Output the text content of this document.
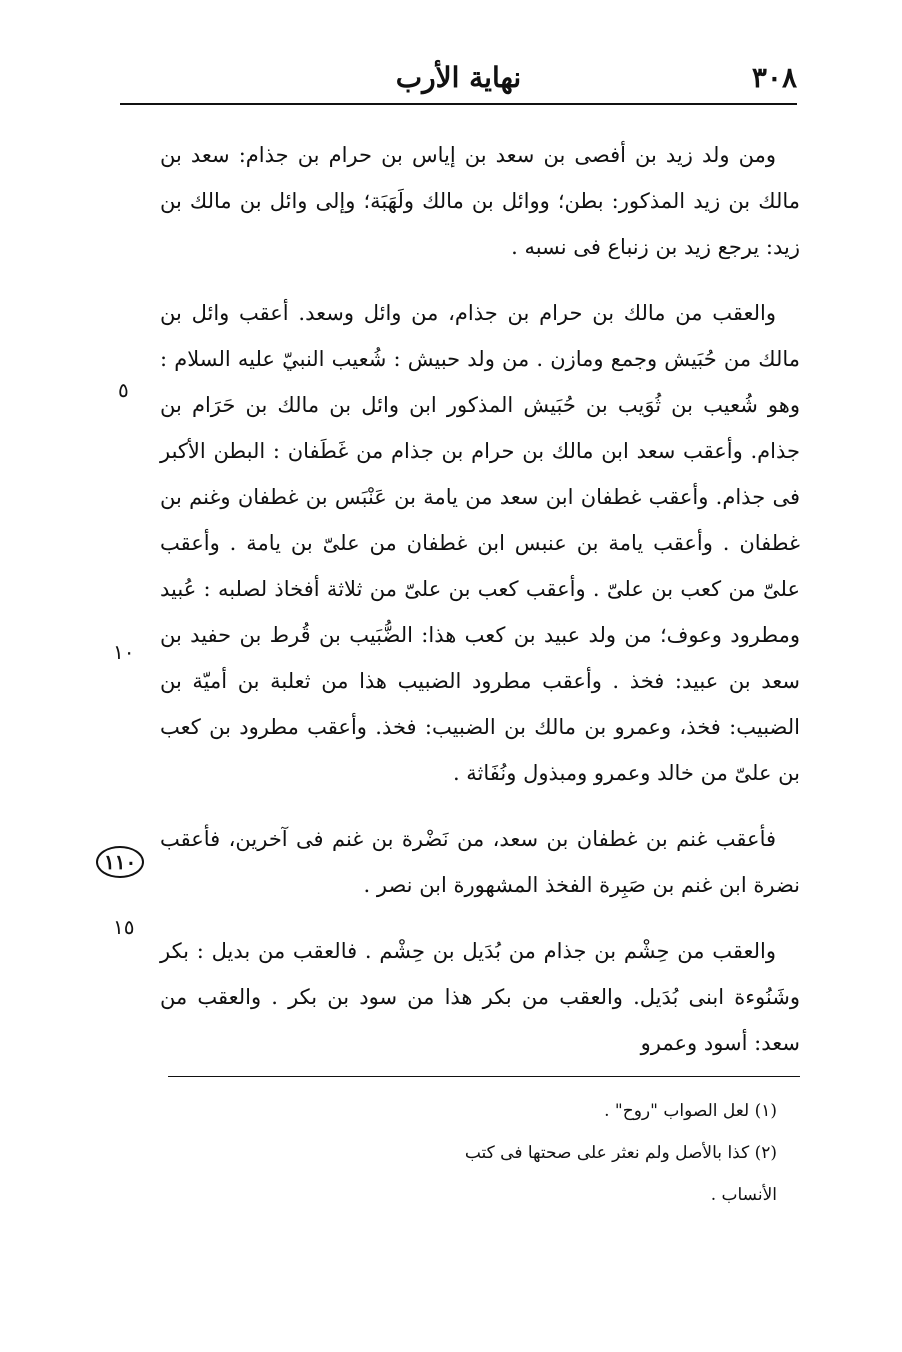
٣٠٨
نهاية الأرب

ومن ولد زيد بن أفصى بن سعد بن إياس بن حرام بن جذام: سعد بن مالك بن زيد المذكور: بطن؛ ووائل بن مالك ولَهَبَة؛ وإلى وائل بن مالك بن زيد: يرجع زيد بن زنباع فى نسبه .

والعقب من مالك بن حرام بن جذام، من وائل وسعد. أعقب وائل بن مالك من حُبَيش وجمع ومازن . من ولد حبيش : شُعيب النبيّ عليه السلام : وهو شُعيب بن ثُوَيب بن حُبَيش المذكور ابن وائل بن مالك بن حَرَام بن جذام. وأعقب سعد ابن مالك بن حرام بن جذام من غَطَفان : البطن الأكبر فى جذام. وأعقب غطفان ابن سعد من يامة بن عَنْبَس بن غطفان وغنم بن غطفان . وأعقب يامة بن عنبس ابن غطفان من علىّ بن يامة . وأعقب علىّ من كعب بن علىّ . وأعقب كعب بن علىّ من ثلاثة أفخاذ لصلبه : عُبيد ومطرود وعوف؛ من ولد عبيد بن كعب هذا: الضُّبَيب بن قُرط بن حفيد بن سعد بن عبيد: فخذ . وأعقب مطرود الضبيب هذا من ثعلبة بن أميّة بن الضبيب: فخذ، وعمرو بن مالك بن الضبيب: فخذ. وأعقب مطرود بن كعب بن علىّ من خالد وعمرو ومبذول ونُفَاثة .

فأعقب غنم بن غطفان بن سعد، من نَضْرة بن غنم فى آخرين، فأعقب نضرة ابن غنم بن صَبِرة الفخذ المشهورة ابن نصر .

والعقب من حِشْم بن جذام من بُدَيل بن حِشْم . فالعقب من بديل : بكر وشَنُوءة ابنى بُدَيل. والعقب من بكر هذا من سود بن بكر . والعقب من سعد: أسود وعمرو

٥
١٠
١٥
١١٠

(١) لعل الصواب "روح" .

(٢) كذا بالأصل ولم نعثر على صحتها فى كتب الأنساب .
